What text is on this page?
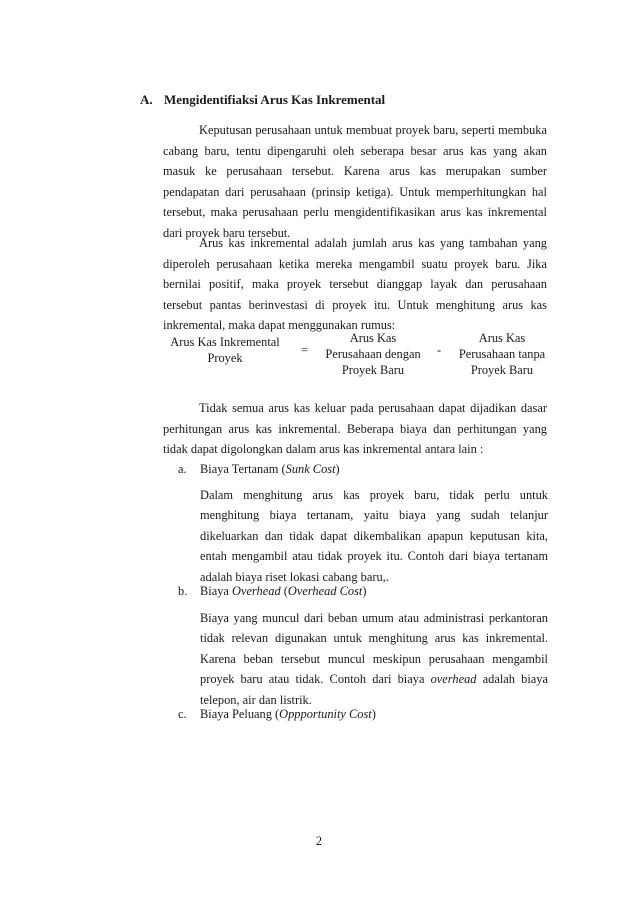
A. Mengidentifiaksi Arus Kas Inkremental

Keputusan perusahaan untuk membuat proyek baru, seperti membuka cabang baru, tentu dipengaruhi oleh seberapa besar arus kas yang akan masuk ke perusahaan tersebut. Karena arus kas merupakan sumber pendapatan dari perusahaan (prinsip ketiga). Untuk memperhitungkan hal tersebut, maka perusahaan perlu mengidentifikasikan arus kas inkremental dari proyek baru tersebut.

Arus kas inkremental adalah jumlah arus kas yang tambahan yang diperoleh perusahaan ketika mereka mengambil suatu proyek baru. Jika bernilai positif, maka proyek tersebut dianggap layak dan perusahaan tersebut pantas berinvestasi di proyek itu. Untuk menghitung arus kas inkremental, maka dapat menggunakan rumus:

Arus Kas Inkremental
Proyek
=
Arus Kas
Perusahaan dengan
Proyek Baru
-
Arus Kas
Perusahaan tanpa
Proyek Baru

Tidak semua arus kas keluar pada perusahaan dapat dijadikan dasar perhitungan arus kas inkremental. Beberapa biaya dan perhitungan yang tidak dapat digolongkan dalam arus kas inkremental antara lain :

a. Biaya Tertanam (Sunk Cost)

Dalam menghitung arus kas proyek baru, tidak perlu untuk menghitung biaya tertanam, yaitu biaya yang sudah telanjur dikeluarkan dan tidak dapat dikembalikan apapun keputusan kita, entah mengambil atau tidak proyek itu. Contoh dari biaya tertanam adalah biaya riset lokasi cabang baru,.

b. Biaya Overhead (Overhead Cost)

Biaya yang muncul dari beban umum atau administrasi perkantoran tidak relevan digunakan untuk menghitung arus kas inkremental. Karena beban tersebut muncul meskipun perusahaan mengambil proyek baru atau tidak. Contoh dari biaya overhead adalah biaya telepon, air dan listrik.

c. Biaya Peluang (Oppportunity Cost)
2
